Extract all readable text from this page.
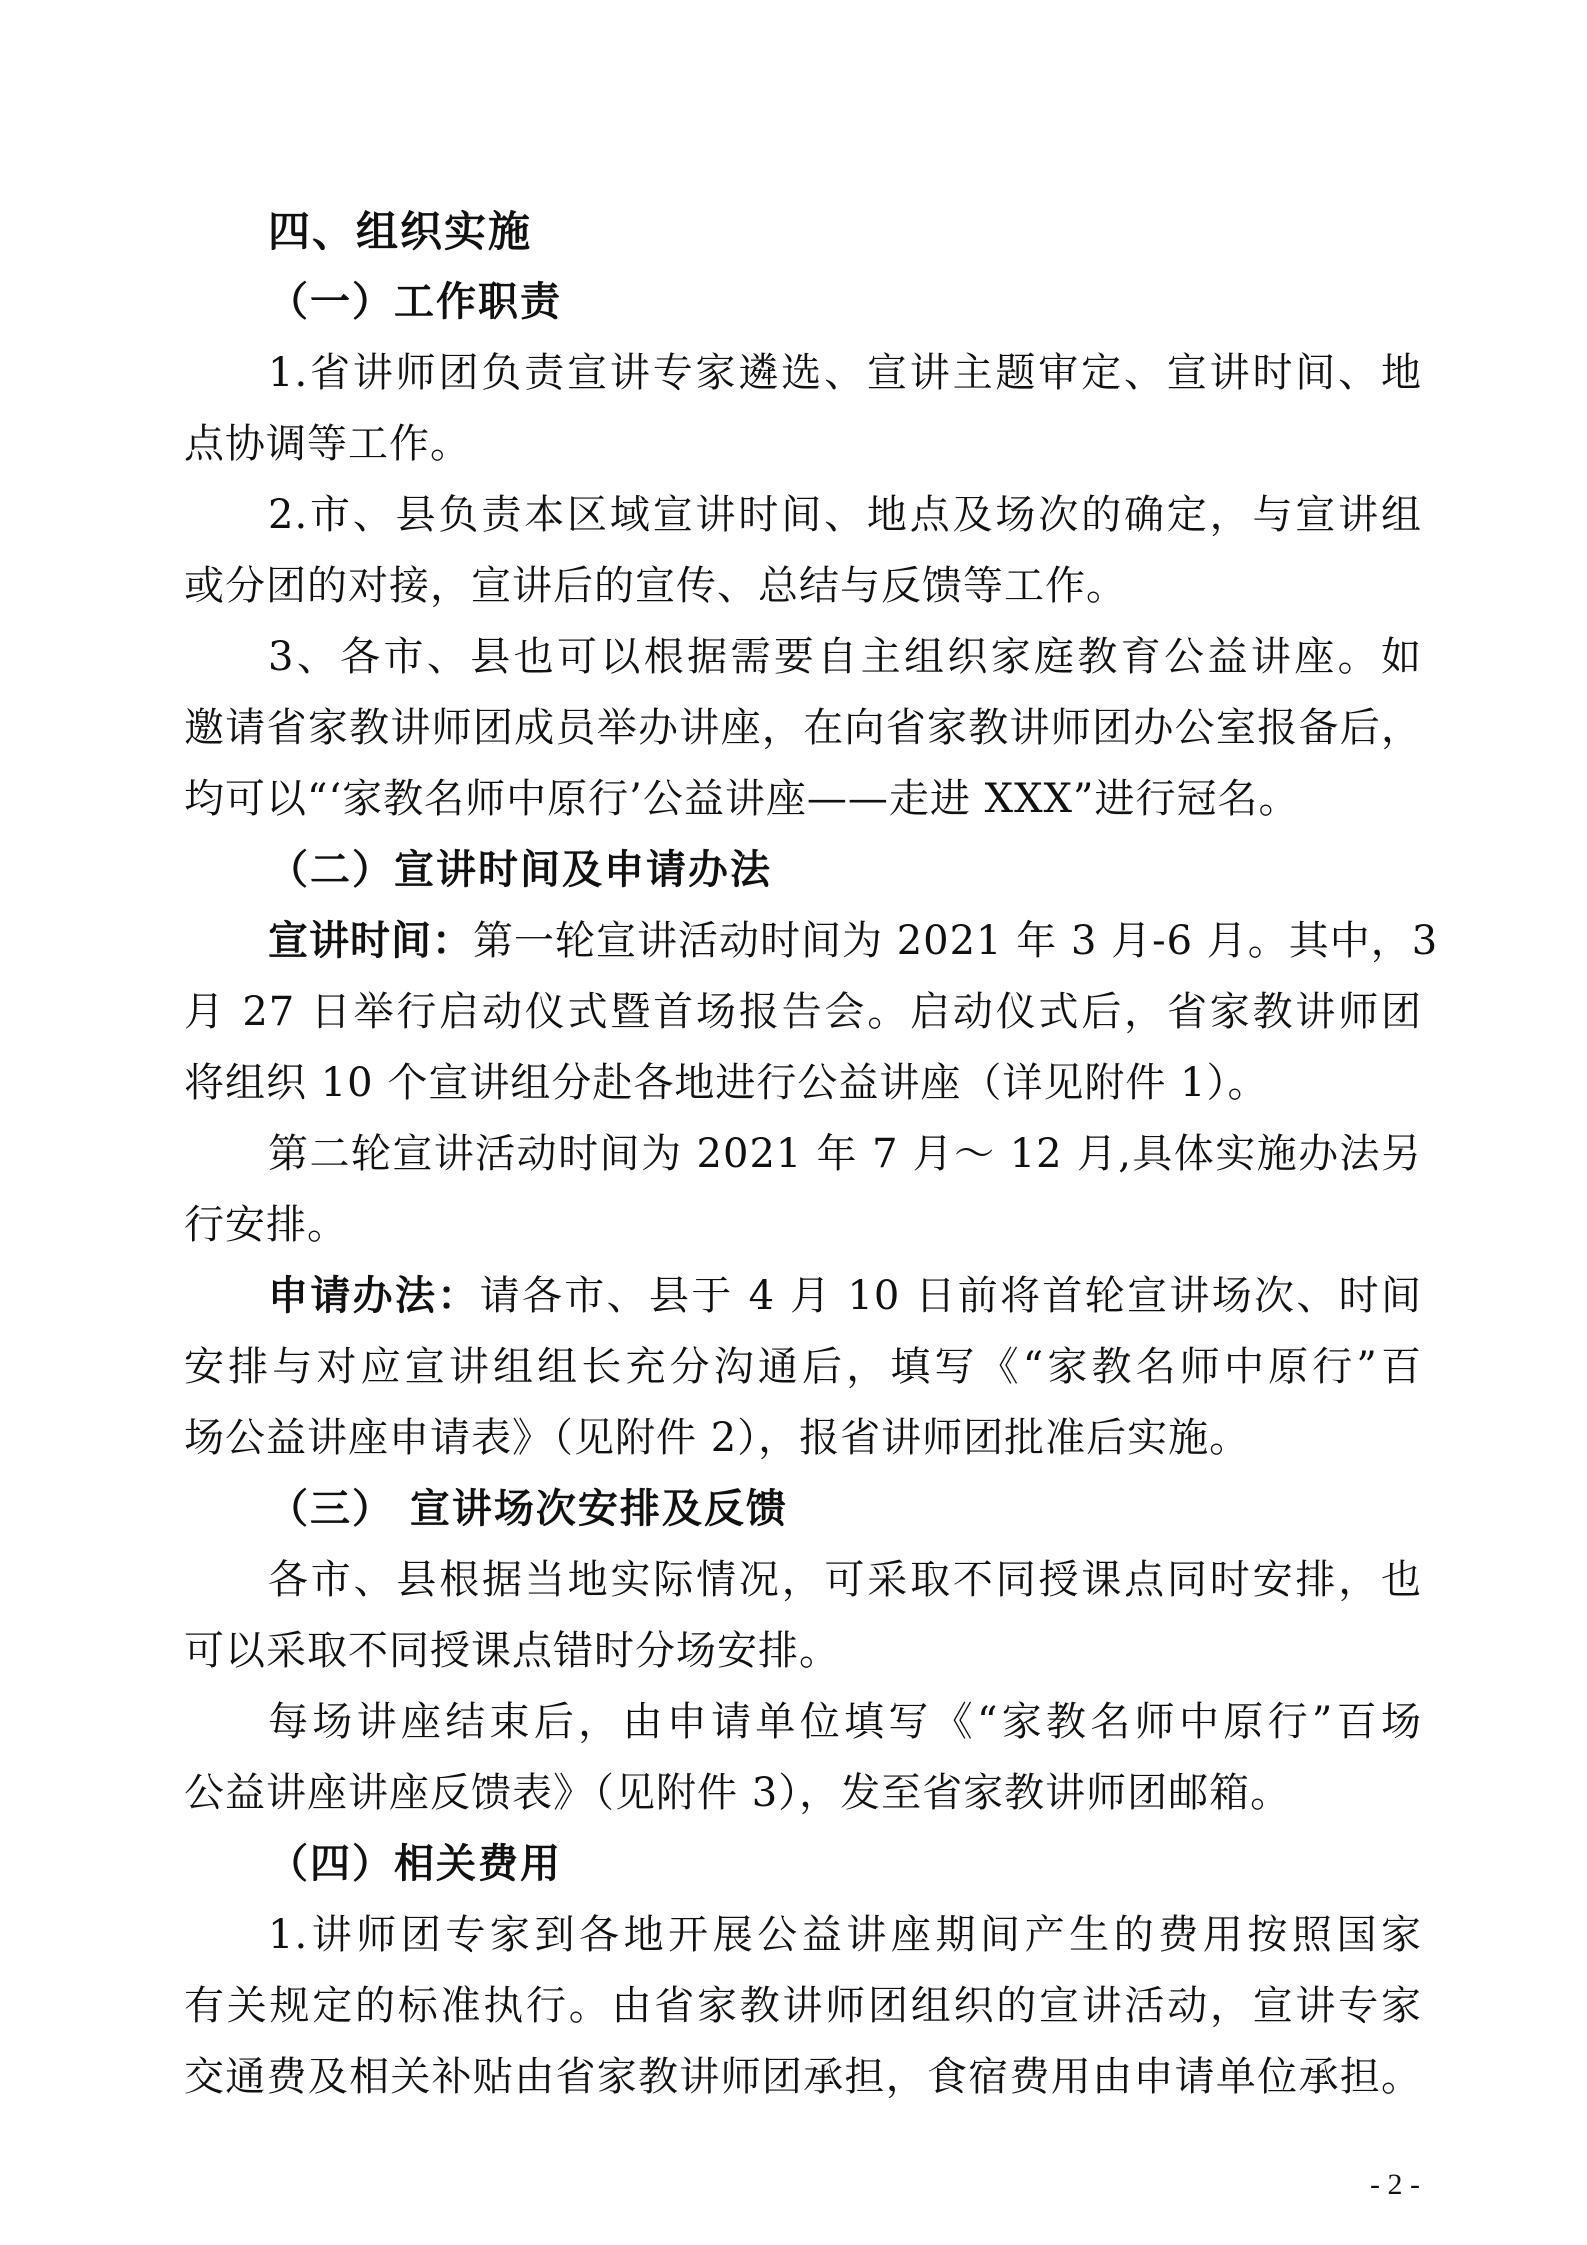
四、组织实施
（一）工作职责
1.省讲师团负责宣讲专家遴选、宣讲主题审定、宣讲时间、地
点协调等工作。
2.市、县负责本区域宣讲时间、地点及场次的确定，与宣讲组
或分团的对接，宣讲后的宣传、总结与反馈等工作。
3、各市、县也可以根据需要自主组织家庭教育公益讲座。如
邀请省家教讲师团成员举办讲座，在向省家教讲师团办公室报备后，
均可以“‘家教名师中原行’公益讲座——走进 XXX”进行冠名。
（二）宣讲时间及申请办法
宣讲时间：第一轮宣讲活动时间为 2021 年 3 月-6 月。其中，3
月 27 日举行启动仪式暨首场报告会。启动仪式后，省家教讲师团
将组织 10 个宣讲组分赴各地进行公益讲座（详见附件 1）。
第二轮宣讲活动时间为 2021 年 7 月～ 12 月,具体实施办法另
行安排。
申请办法：请各市、县于 4 月 10 日前将首轮宣讲场次、时间
安排与对应宣讲组组长充分沟通后，填写《“家教名师中原行”百
场公益讲座申请表》（见附件 2），报省讲师团批准后实施。
（三） 宣讲场次安排及反馈
各市、县根据当地实际情况，可采取不同授课点同时安排，也
可以采取不同授课点错时分场安排。
每场讲座结束后，由申请单位填写《“家教名师中原行”百场
公益讲座讲座反馈表》（见附件 3），发至省家教讲师团邮箱。
（四）相关费用
1.讲师团专家到各地开展公益讲座期间产生的费用按照国家
有关规定的标准执行。由省家教讲师团组织的宣讲活动，宣讲专家
交通费及相关补贴由省家教讲师团承担，食宿费用由申请单位承担。
- 2 -
